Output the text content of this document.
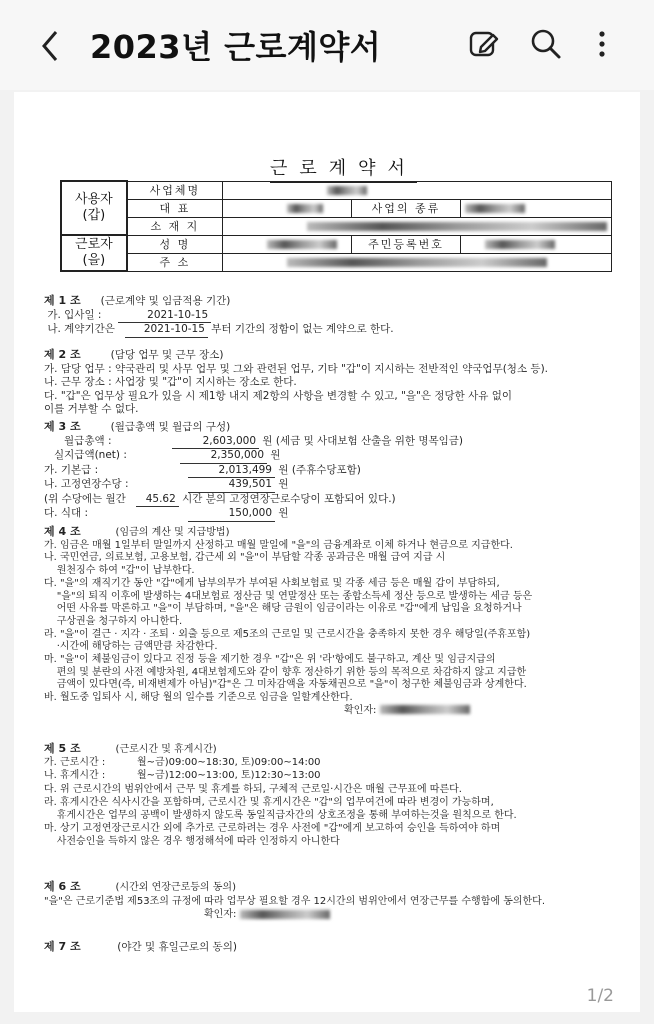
2023년 근로계약서
근로계약서
사용자
(갑)	사업체명			
	대 표		사업의 종류	
	소 재 지			
근로자
(을)	성 명		주민등록번호	
	주 소			
제 1 조 (근로계약 및 임금적용 기간)
가. 입사일 :	2021-10-15
나. 계약기간은	2021-10-15 부터 기간의 정함이 없는 계약으로 한다.
제 2 조	(담당 업무 및 근무 장소)
가. 담당 업무 : 약국관리 및 사무 업무 및 그와 관련된 업무, 기타 "갑"이 지시하는 전반적인 약국업무(청소 등).
나. 근무 장소 : 사업장 및 "갑"이 지시하는 장소로 한다.
다. "갑"은 업무상 필요가 있을 시 제1항 내지 제2항의 사항을 변경할 수 있고, "을"은 정당한 사유 없이
이를 거부할 수 없다.
제 3 조	(월급총액 및 월급의 구성)
월급총액 :	2,603,000 원 (세금 및 사대보험 산출을 위한 명목임금)
실지급액(net) :	2,350,000 원
가. 기본급 :	2,013,499 원 (주휴수당포함)
나. 고정연장수당 :	439,501 원
(위 수당에는 월간 45.62 시간 분의 고정연장근로수당이 포함되어 있다.)
다. 식대 :	150,000 원
제 4 조	(임금의 계산 및 지급방법)
가. 임금은 매월 1일부터 말일까지 산정하고 매월 말일에 "을"의 금융계좌로 이체 하거나 현금으로 지급한다.
나. 국민연금, 의료보험, 고용보험, 갑근세 외 "을"이 부담할 각종 공과금은 매월 급여 지급 시
원천징수 하여 "갑"이 납부한다.
다. "을"의 재직기간 동안 "갑"에게 납부의무가 부여된 사회보험료 및 각종 세금 등은 매월 갑이 부담하되,
"을"의 퇴직 이후에 발생하는 4대보험료 정산금 및 연말정산 또는 종합소득세 정산 등으로 발생하는 세금 등은
어떤 사유를 막론하고 "을"이 부담하며, "을"은 해당 금원이 임금이라는 이유로 "갑"에게 납입을 요청하거나
구상권을 청구하지 아니한다.
라. "을"이 결근 · 지각 · 조퇴 · 외출 등으로 제5조의 근로일 및 근로시간을 충족하지 못한 경우 해당일(주휴포함)
·시간에 해당하는 금액만큼 차감한다.
마. "을"이 체불임금이 있다고 진정 등을 제기한 경우 "갑"은 위 '라'항에도 불구하고, 계산 및 임금지급의
편의 및 분란의 사전 예방차원, 4대보험제도와 같이 향후 정산하기 위한 등의 목적으로 차감하지 않고 지급한
금액이 있다면(즉, 비재변제가 아님)"갑"은 그 미차감액을 자동채권으로 "을"이 청구한 체불임금과 상계한다.
바. 월도중 입퇴사 시, 해당 월의 일수를 기준으로 임금을 일할계산한다.
확인자:
제 5 조	(근로시간 및 휴게시간)
가. 근로시간 :          월~금)09:00~18:30, 토)09:00~14:00
나. 휴게시간 :          월~금)12:00~13:00, 토)12:30~13:00
다. 위 근로시간의 범위안에서 근무 및 휴게를 하되, 구체적 근로일·시간은 매월 근무표에 따른다.
라. 휴게시간은 식사시간을 포함하며, 근로시간 및 휴게시간은 "갑"의 업무여건에 따라 변경이 가능하며,
휴게시간은 업무의 공백이 발생하지 않도록 동일직급자간의 상호조정을 통해 부여하는것을 원칙으로 한다.
마. 상기 고정연장근로시간 외에 추가로 근로하려는 경우 사전에 "갑"에게 보고하여 승인을 득하여야 하며
사전승인을 득하지 않은 경우 행정해석에 따라 인정하지 아니한다
제 6 조	(시간외 연장근로등의 동의)
"을"은 근로기준법 제53조의 규정에 따라 업무상 필요할 경우 12시간의 범위안에서 연장근무를 수행함에 동의한다.
확인자:
제 7 조	(야간 및 휴일근로의 동의)
1/2
